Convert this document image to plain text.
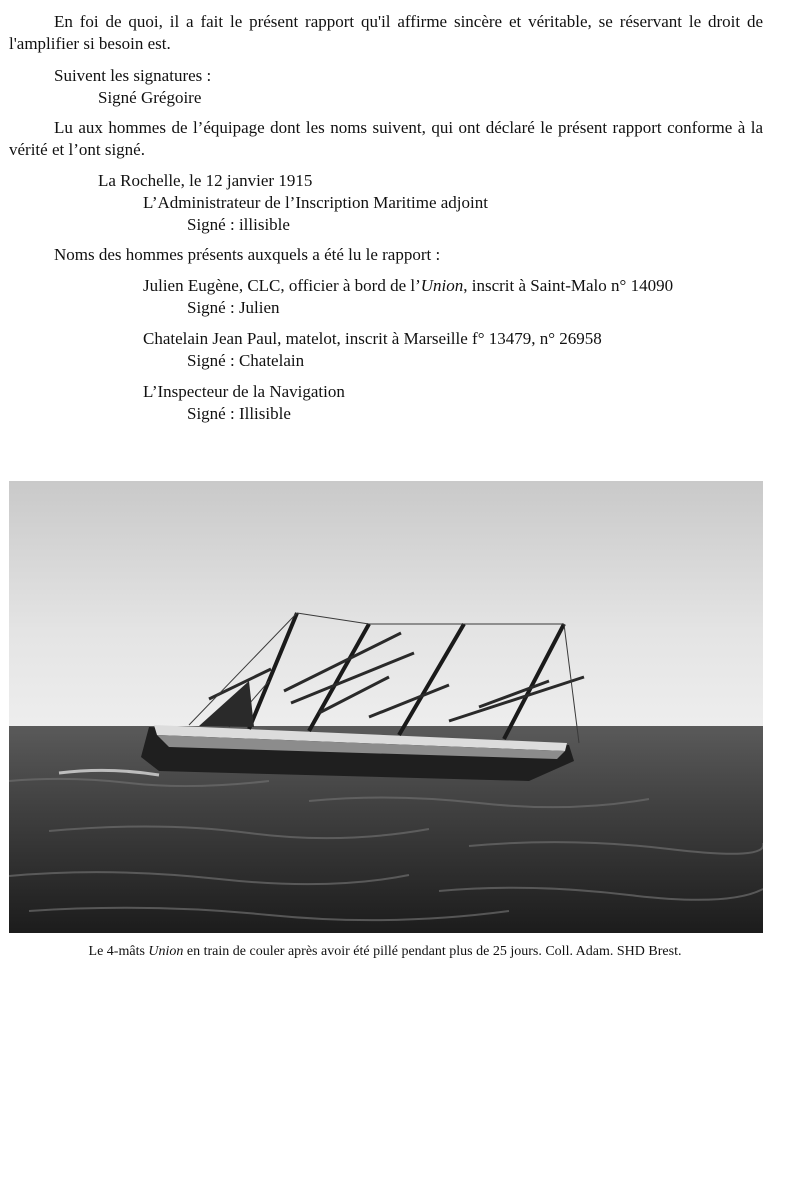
En foi de quoi, il a fait le présent rapport qu'il affirme sincère et véritable, se réservant le droit de l'amplifier si besoin est.
Suivent les signatures :
Signé Grégoire
Lu aux hommes de l’équipage dont les noms suivent, qui ont déclaré le présent rapport conforme à la vérité et l’ont signé.
La Rochelle, le 12 janvier 1915
L’Administrateur de l’Inscription Maritime adjoint
Signé : illisible
Noms des hommes présents auxquels a été lu le rapport :
Julien Eugène, CLC, officier à bord de l’Union, inscrit à Saint-Malo n° 14090
Signé : Julien
Chatelain Jean Paul, matelot, inscrit à Marseille f° 13479, n° 26958
Signé : Chatelain
L’Inspecteur de la Navigation
Signé : Illisible
Le 4-mâts Union en train de couler après avoir été pillé pendant plus de 25 jours. Coll. Adam. SHD Brest.
